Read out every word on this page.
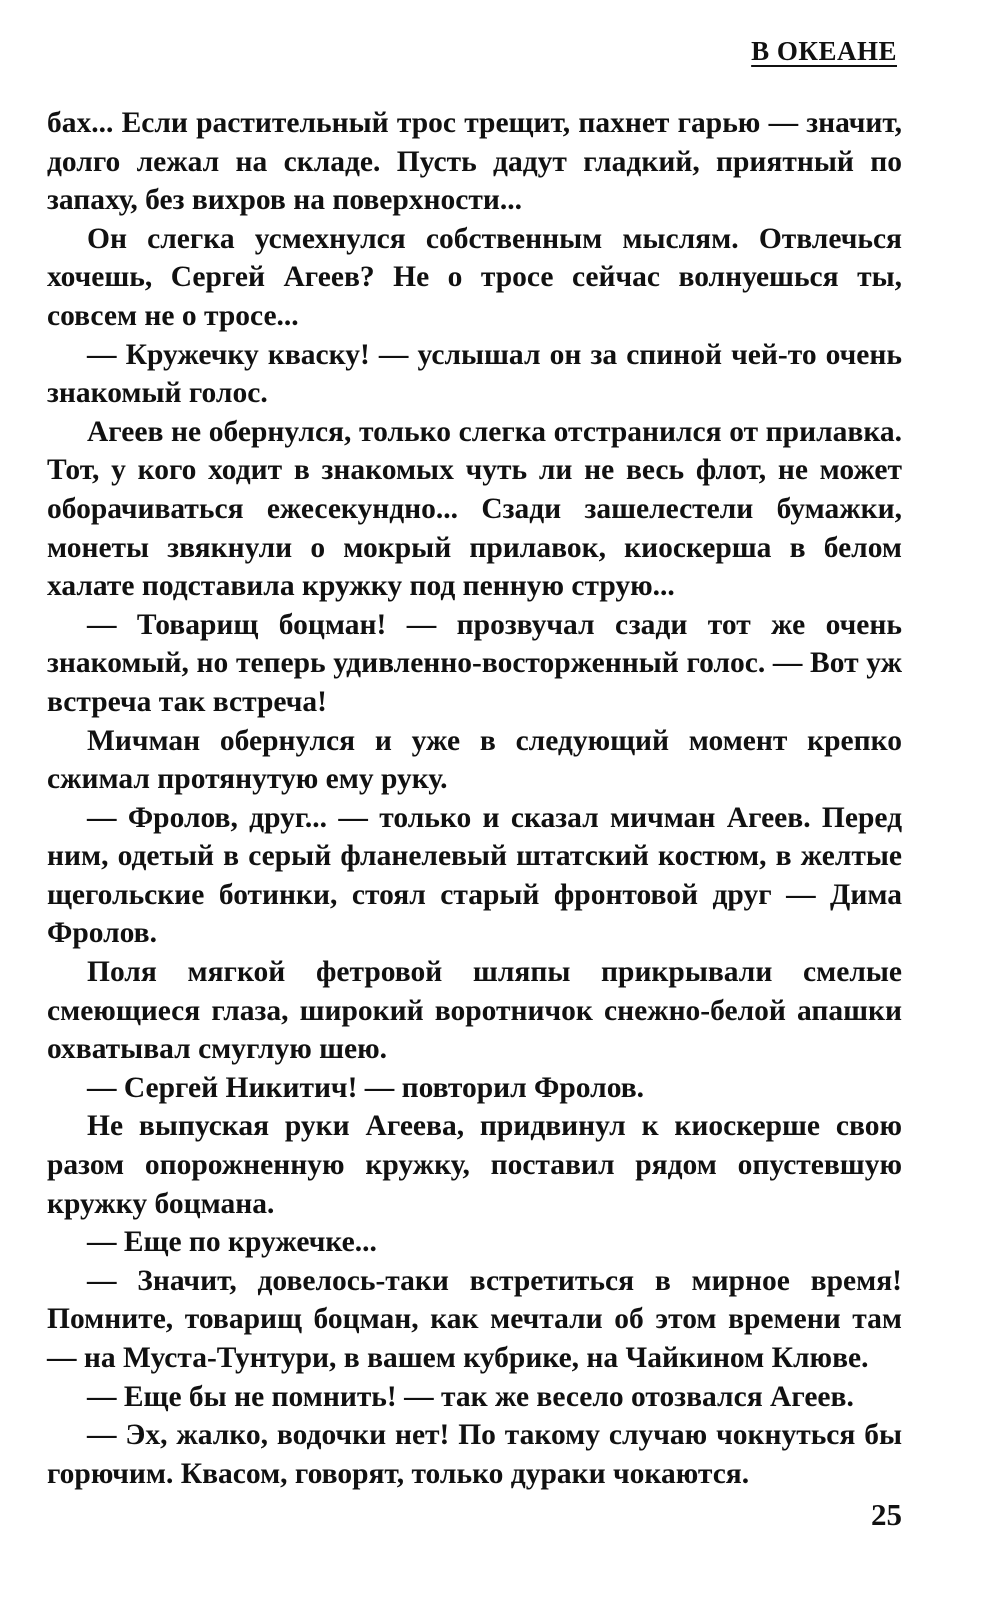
В ОКЕАНЕ

бах... Если растительный трос трещит, пахнет гарью — значит, долго лежал на складе. Пусть дадут гладкий, приятный по запаху, без вихров на поверхности...

Он слегка усмехнулся собственным мыслям. Отвлечься хочешь, Сергей Агеев? Не о тросе сейчас волнуешься ты, совсем не о тросе...

— Кружечку кваску! — услышал он за спиной чей-то очень знакомый голос.

Агеев не обернулся, только слегка отстранился от прилавка. Тот, у кого ходит в знакомых чуть ли не весь флот, не может оборачиваться ежесекундно... Сзади зашелестели бумажки, монеты звякнули о мокрый прилавок, киоскерша в белом халате подставила кружку под пенную струю...

— Товарищ боцман! — прозвучал сзади тот же очень знакомый, но теперь удивленно-восторженный голос. — Вот уж встреча так встреча!

Мичман обернулся и уже в следующий момент крепко сжимал протянутую ему руку.

— Фролов, друг... — только и сказал мичман Агеев. Перед ним, одетый в серый фланелевый штатский костюм, в желтые щегольские ботинки, стоял старый фронтовой друг — Дима Фролов.

Поля мягкой фетровой шляпы прикрывали смелые смеющиеся глаза, широкий воротничок снежно-белой апашки охватывал смуглую шею.

— Сергей Никитич! — повторил Фролов.

Не выпуская руки Агеева, придвинул к киоскерше свою разом опорожненную кружку, поставил рядом опустевшую кружку боцмана.

— Еще по кружечке...

— Значит, довелось-таки встретиться в мирное время! Помните, товарищ боцман, как мечтали об этом времени там — на Муста-Тунтури, в вашем кубрике, на Чайкином Клюве.

— Еще бы не помнить! — так же весело отозвался Агеев.

— Эх, жалко, водочки нет! По такому случаю чокнуться бы горючим. Квасом, говорят, только дураки чокаются.

25
